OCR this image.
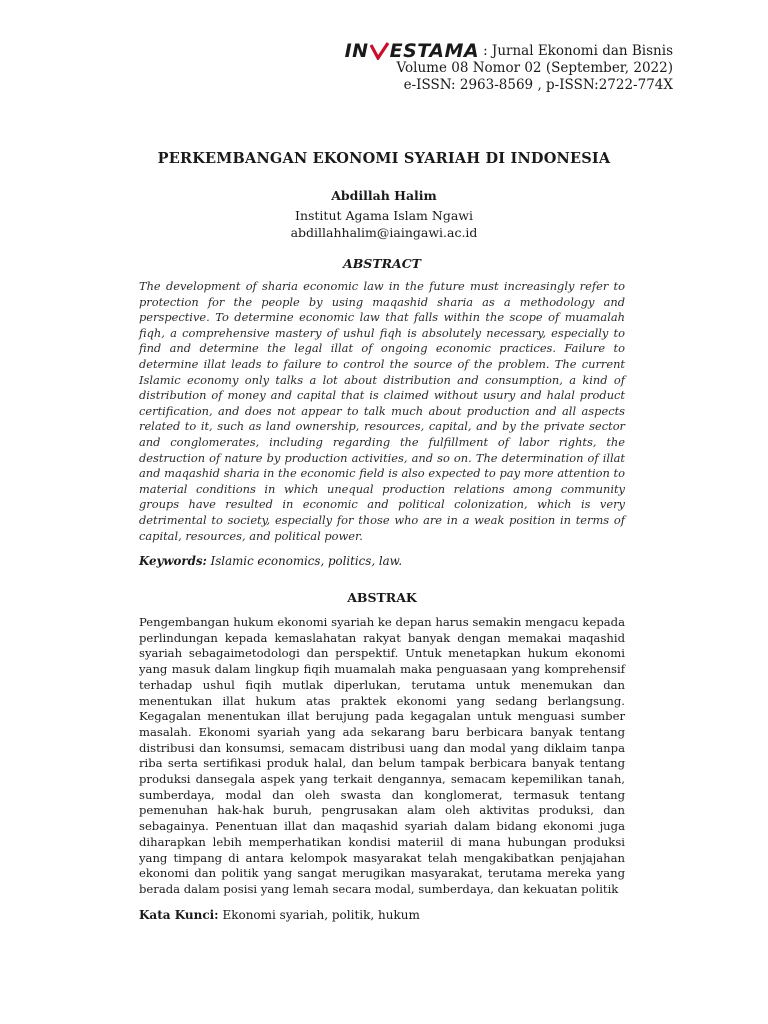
IN ESTAMA : Jurnal Ekonomi dan Bisnis
Volume 08 Nomor 02 (September, 2022)
e-ISSN: 2963-8569 , p-ISSN:2722-774X
PERKEMBANGAN EKONOMI SYARIAH DI INDONESIA
Abdillah Halim
Institut Agama Islam Ngawi
abdillahhalim@iaingawi.ac.id
ABSTRACT
The development of sharia economic law in the future must increasingly refer to protection for the people by using maqashid sharia as a methodology and perspective. To determine economic law that falls within the scope of muamalah fiqh, a comprehensive mastery of ushul fiqh is absolutely necessary, especially to find and determine the legal illat of ongoing economic practices. Failure to determine illat leads to failure to control the source of the problem. The current Islamic economy only talks a lot about distribution and consumption, a kind of distribution of money and capital that is claimed without usury and halal product certification, and does not appear to talk much about production and all aspects related to it, such as land ownership, resources, capital, and by the private sector and conglomerates, including regarding the fulfillment of labor rights, the destruction of nature by production activities, and so on. The determination of illat and maqashid sharia in the economic field is also expected to pay more attention to material conditions in which unequal production relations among community groups have resulted in economic and political colonization, which is very detrimental to society, especially for those who are in a weak position in terms of capital, resources, and political power.
Keywords: Islamic economics, politics, law.
ABSTRAK
Pengembangan hukum ekonomi syariah ke depan harus semakin mengacu kepada perlindungan kepada kemaslahatan rakyat banyak dengan memakai maqashid syariah sebagaimetodologi dan perspektif. Untuk menetapkan hukum ekonomi yang masuk dalam lingkup fiqih muamalah maka penguasaan yang komprehensif terhadap ushul fiqih mutlak diperlukan, terutama untuk menemukan dan menentukan illat hukum atas praktek ekonomi yang sedang berlangsung. Kegagalan menentukan illat berujung pada kegagalan untuk menguasi sumber masalah. Ekonomi syariah yang ada sekarang baru berbicara banyak tentang distribusi dan konsumsi, semacam distribusi uang dan modal yang diklaim tanpa riba serta sertifikasi produk halal, dan belum tampak berbicara banyak tentang produksi dansegala aspek yang terkait dengannya, semacam kepemilikan tanah, sumberdaya, modal dan oleh swasta dan konglomerat, termasuk tentang pemenuhan hak-hak buruh, pengrusakan alam oleh aktivitas produksi, dan sebagainya. Penentuan illat dan maqashid syariah dalam bidang ekonomi juga diharapkan lebih memperhatikan kondisi materiil di mana hubungan produksi yang timpang di antara kelompok masyarakat telah mengakibatkan penjajahan ekonomi dan politik yang sangat merugikan masyarakat, terutama mereka yang berada dalam posisi yang lemah secara modal, sumberdaya, dan kekuatan politik
Kata Kunci: Ekonomi syariah, politik, hukum
